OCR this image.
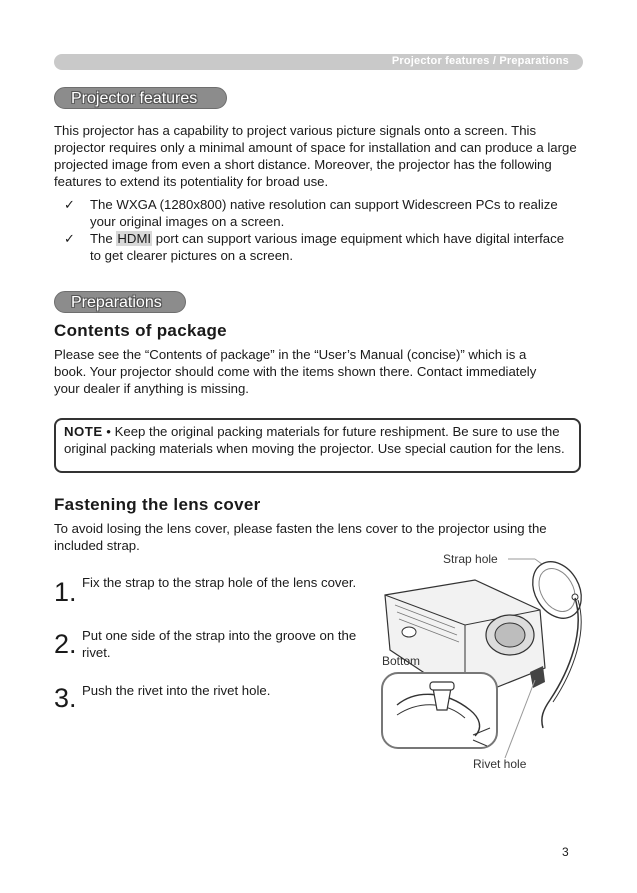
Projector features / Preparations
Projector features
This projector has a capability to project various picture signals onto a screen. This projector requires only a minimal amount of space for installation and can produce a large projected image from even a short distance. Moreover, the projector has the following features to extend its potentiality for broad use.
✓ The WXGA (1280x800) native resolution can support Widescreen PCs to realize your original images on a screen.
✓ The HDMI port can support various image equipment which have digital interface to get clearer pictures on a screen.
Preparations
Contents of package
Please see the “Contents of package” in the “User’s Manual (concise)” which is a book. Your projector should come with the items shown there. Contact immediately your dealer if anything is missing.
NOTE • Keep the original packing materials for future reshipment. Be sure to use the original packing materials when moving the projector. Use special caution for the lens.
Fastening the lens cover
To avoid losing the lens cover, please fasten the lens cover to the projector using the included strap.
1. Fix the strap to the strap hole of the lens cover.
2. Put one side of the strap into the groove on the rivet.
3. Push the rivet into the rivet hole.
Strap hole
Bottom
Rivet hole
3
